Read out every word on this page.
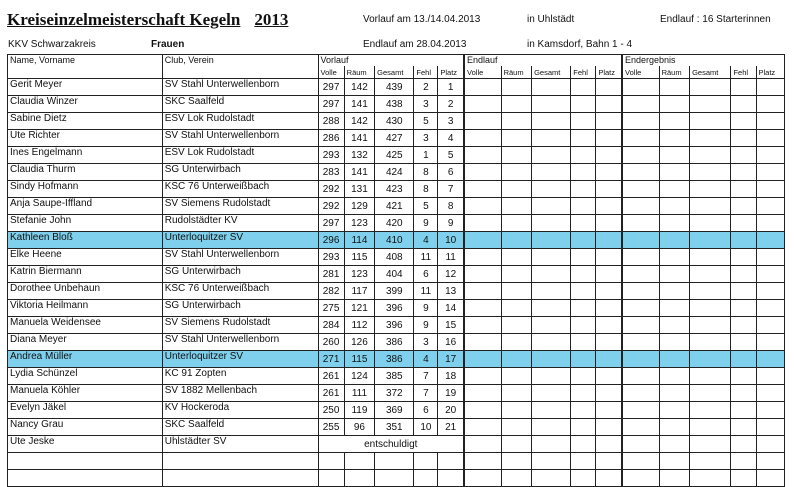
Kreiseinzelmeisterschaft Kegeln 2013	Vorlauf am 13./14.04.2013	in Uhlstädt	Endlauf : 16 Starterinnen
KKV Schwarzakreis	Frauen	Endlauf am 28.04.2013	in Kamsdorf, Bahn 1 - 4
Name, Vorname	Club, Verein	Vorlauf					Endlauf					Endergebnis				
		Volle	Räum	Gesamt	Fehl	Platz	Volle	Räum	Gesamt	Fehl	Platz	Volle	Räum	Gesamt	Fehl	Platz
Gerit Meyer	SV Stahl Unterwellenborn	297	142	439	2	1										
Claudia Winzer	SKC Saalfeld	297	141	438	3	2										
Sabine Dietz	ESV Lok Rudolstadt	288	142	430	5	3										
Ute Richter	SV Stahl Unterwellenborn	286	141	427	3	4										
Ines Engelmann	ESV Lok Rudolstadt	293	132	425	1	5										
Claudia Thurm	SG Unterwirbach	283	141	424	8	6										
Sindy Hofmann	KSC 76 Unterweißbach	292	131	423	8	7										
Anja Saupe-Iffland	SV Siemens Rudolstadt	292	129	421	5	8										
Stefanie John	Rudolstädter KV	297	123	420	9	9										
Kathleen Bloß	Unterloquitzer SV	296	114	410	4	10										
Elke Heene	SV Stahl Unterwellenborn	293	115	408	11	11										
Katrin Biermann	SG Unterwirbach	281	123	404	6	12										
Dorothee Unbehaun	KSC 76 Unterweißbach	282	117	399	11	13										
Viktoria Heilmann	SG Unterwirbach	275	121	396	9	14										
Manuela Weidensee	SV Siemens Rudolstadt	284	112	396	9	15										
Diana Meyer	SV Stahl Unterwellenborn	260	126	386	3	16										
Andrea Müller	Unterloquitzer SV	271	115	386	4	17										
Lydia Schünzel	KC 91 Zopten	261	124	385	7	18										
Manuela Köhler	SV 1882 Mellenbach	261	111	372	7	19										
Evelyn Jäkel	KV Hockeroda	250	119	369	6	20										
Nancy Grau	SKC Saalfeld	255	96	351	10	21										
Ute Jeske	Uhlstädter SV	entschuldigt														
